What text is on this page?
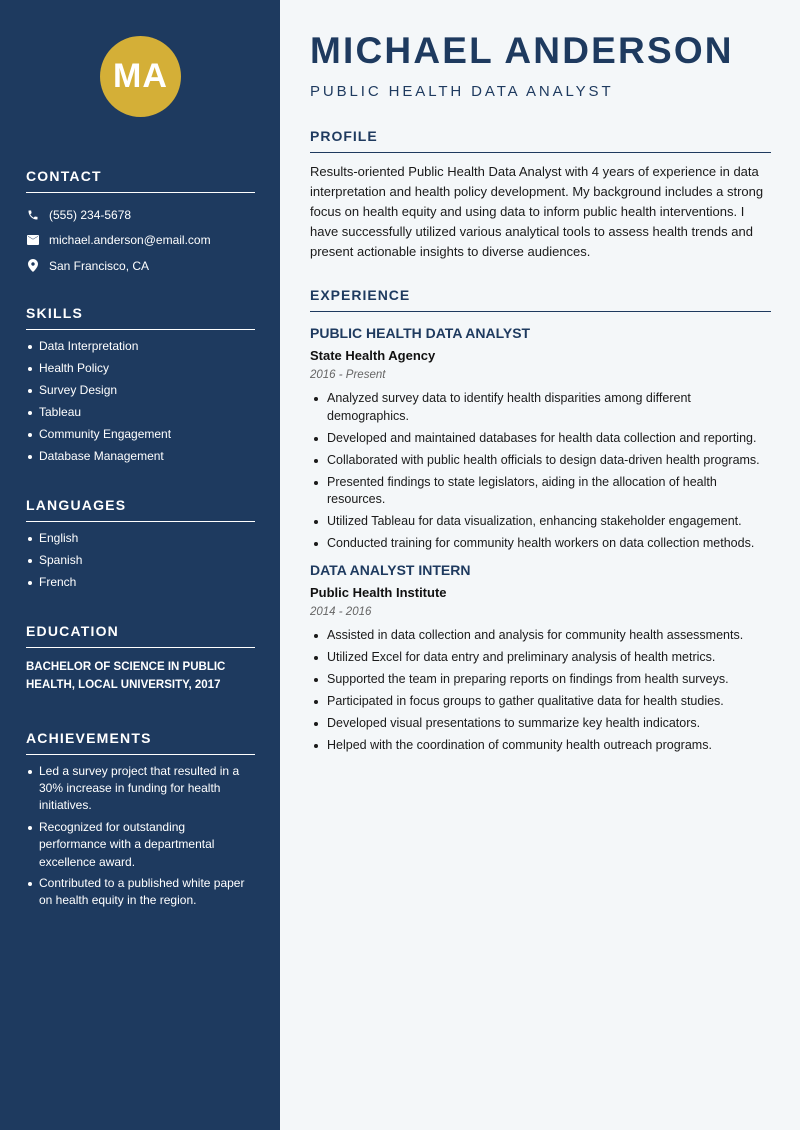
MA
CONTACT
(555) 234-5678
michael.anderson@email.com
San Francisco, CA
SKILLS
Data Interpretation
Health Policy
Survey Design
Tableau
Community Engagement
Database Management
LANGUAGES
English
Spanish
French
EDUCATION

BACHELOR OF SCIENCE IN PUBLIC HEALTH, LOCAL UNIVERSITY, 2017

ACHIEVEMENTS
Led a survey project that resulted in a 30% increase in funding for health initiatives.
Recognized for outstanding performance with a departmental excellence award.
Contributed to a published white paper on health equity in the region.
MICHAEL ANDERSON
PUBLIC HEALTH DATA ANALYST
PROFILE

Results-oriented Public Health Data Analyst with 4 years of experience in data interpretation and health policy development. My background includes a strong focus on health equity and using data to inform public health interventions. I have successfully utilized various analytical tools to assess health trends and present actionable insights to diverse audiences.

EXPERIENCE
PUBLIC HEALTH DATA ANALYST
State Health Agency
2016 - Present
Analyzed survey data to identify health disparities among different demographics.
Developed and maintained databases for health data collection and reporting.
Collaborated with public health officials to design data-driven health programs.
Presented findings to state legislators, aiding in the allocation of health resources.
Utilized Tableau for data visualization, enhancing stakeholder engagement.
Conducted training for community health workers on data collection methods.
DATA ANALYST INTERN
Public Health Institute
2014 - 2016
Assisted in data collection and analysis for community health assessments.
Utilized Excel for data entry and preliminary analysis of health metrics.
Supported the team in preparing reports on findings from health surveys.
Participated in focus groups to gather qualitative data for health studies.
Developed visual presentations to summarize key health indicators.
Helped with the coordination of community health outreach programs.
